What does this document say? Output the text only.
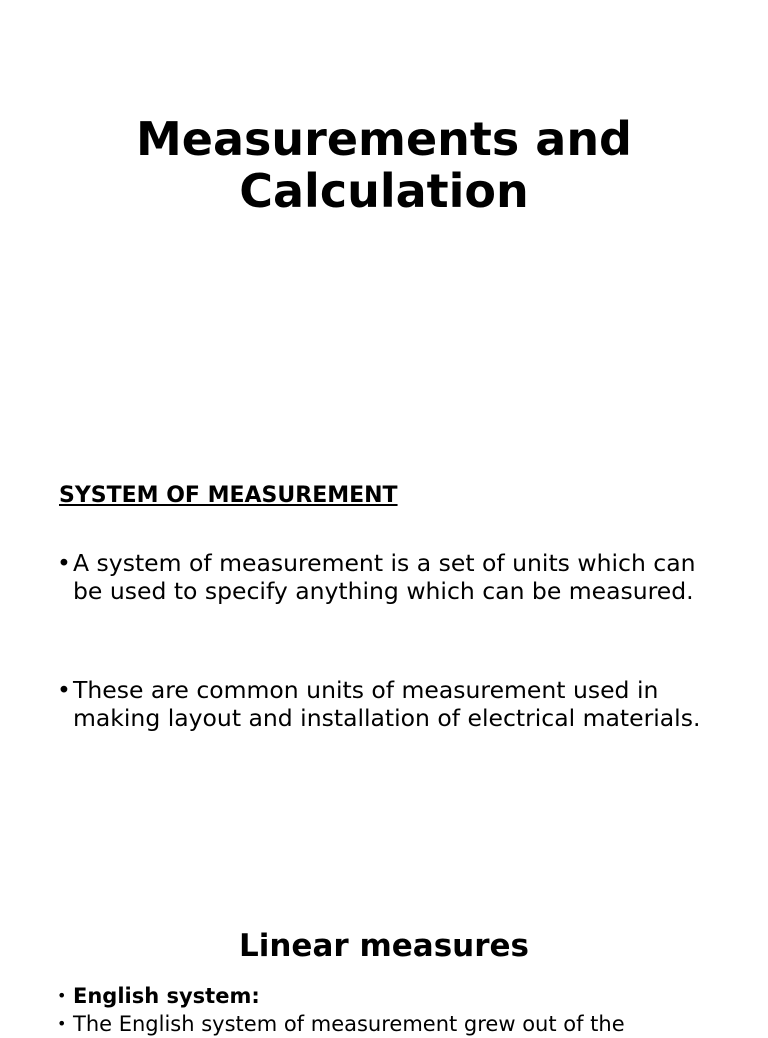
Measurements and
Calculation
SYSTEM OF MEASUREMENT
• A system of measurement is a set of units which can be used to specify anything which can be measured.
• These are common units of measurement used in making layout and installation of electrical materials.
Linear measures
• English system:
• The English system of measurement grew out of the
